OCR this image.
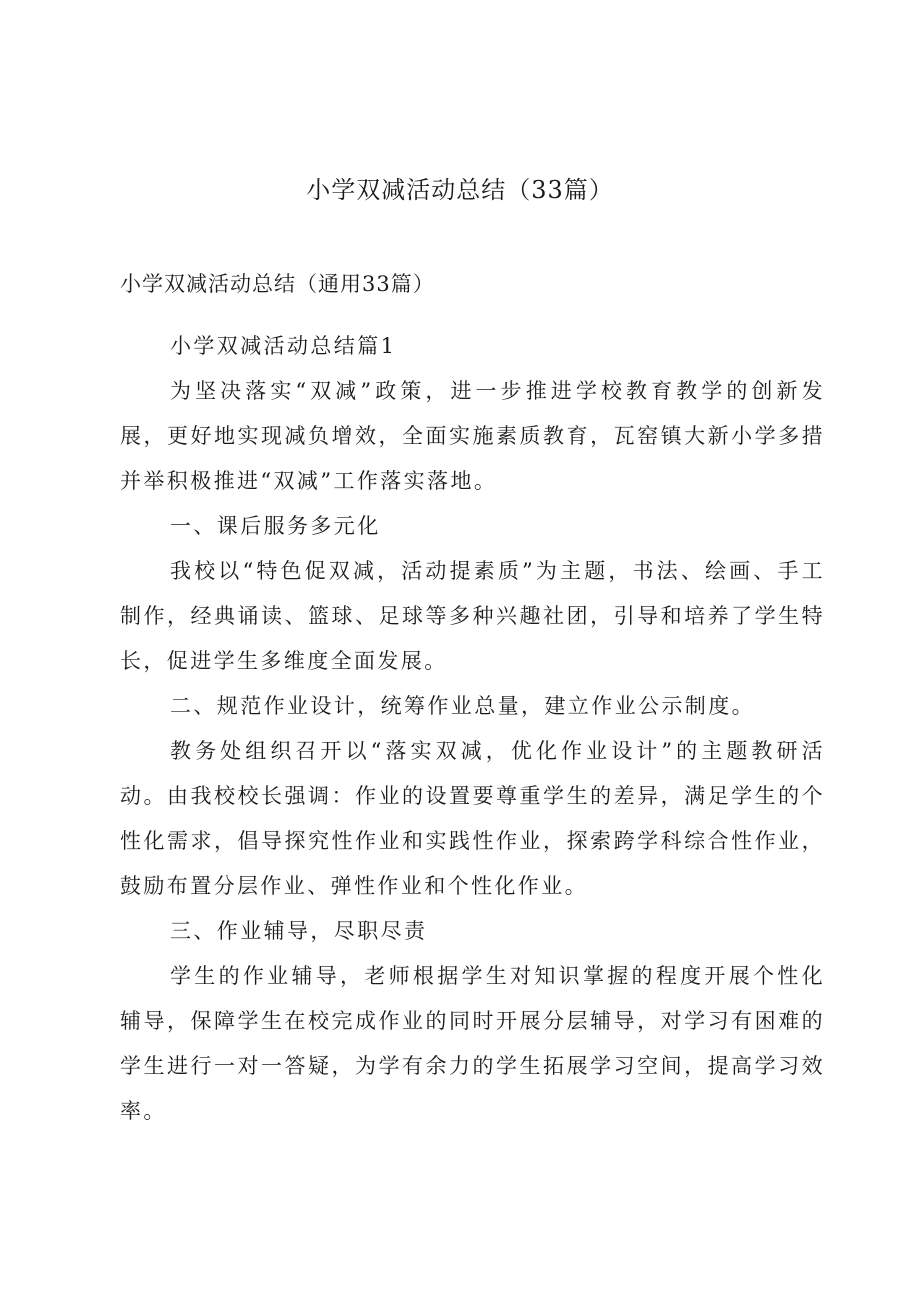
小学双减活动总结（33篇）

小学双减活动总结（通用33篇）

小学双减活动总结篇1

为坚决落实“双减”政策，进一步推进学校教育教学的创新发展，更好地实现减负增效，全面实施素质教育，瓦窑镇大新小学多措并举积极推进“双减”工作落实落地。

一、课后服务多元化

我校以“特色促双减，活动提素质”为主题，书法、绘画、手工制作，经典诵读、篮球、足球等多种兴趣社团，引导和培养了学生特长，促进学生多维度全面发展。

二、规范作业设计，统筹作业总量，建立作业公示制度。

教务处组织召开以“落实双减，优化作业设计”的主题教研活动。由我校校长强调：作业的设置要尊重学生的差异，满足学生的个性化需求，倡导探究性作业和实践性作业，探索跨学科综合性作业，鼓励布置分层作业、弹性作业和个性化作业。

三、作业辅导，尽职尽责

学生的作业辅导，老师根据学生对知识掌握的程度开展个性化辅导，保障学生在校完成作业的同时开展分层辅导，对学习有困难的学生进行一对一答疑，为学有余力的学生拓展学习空间，提高学习效率。
